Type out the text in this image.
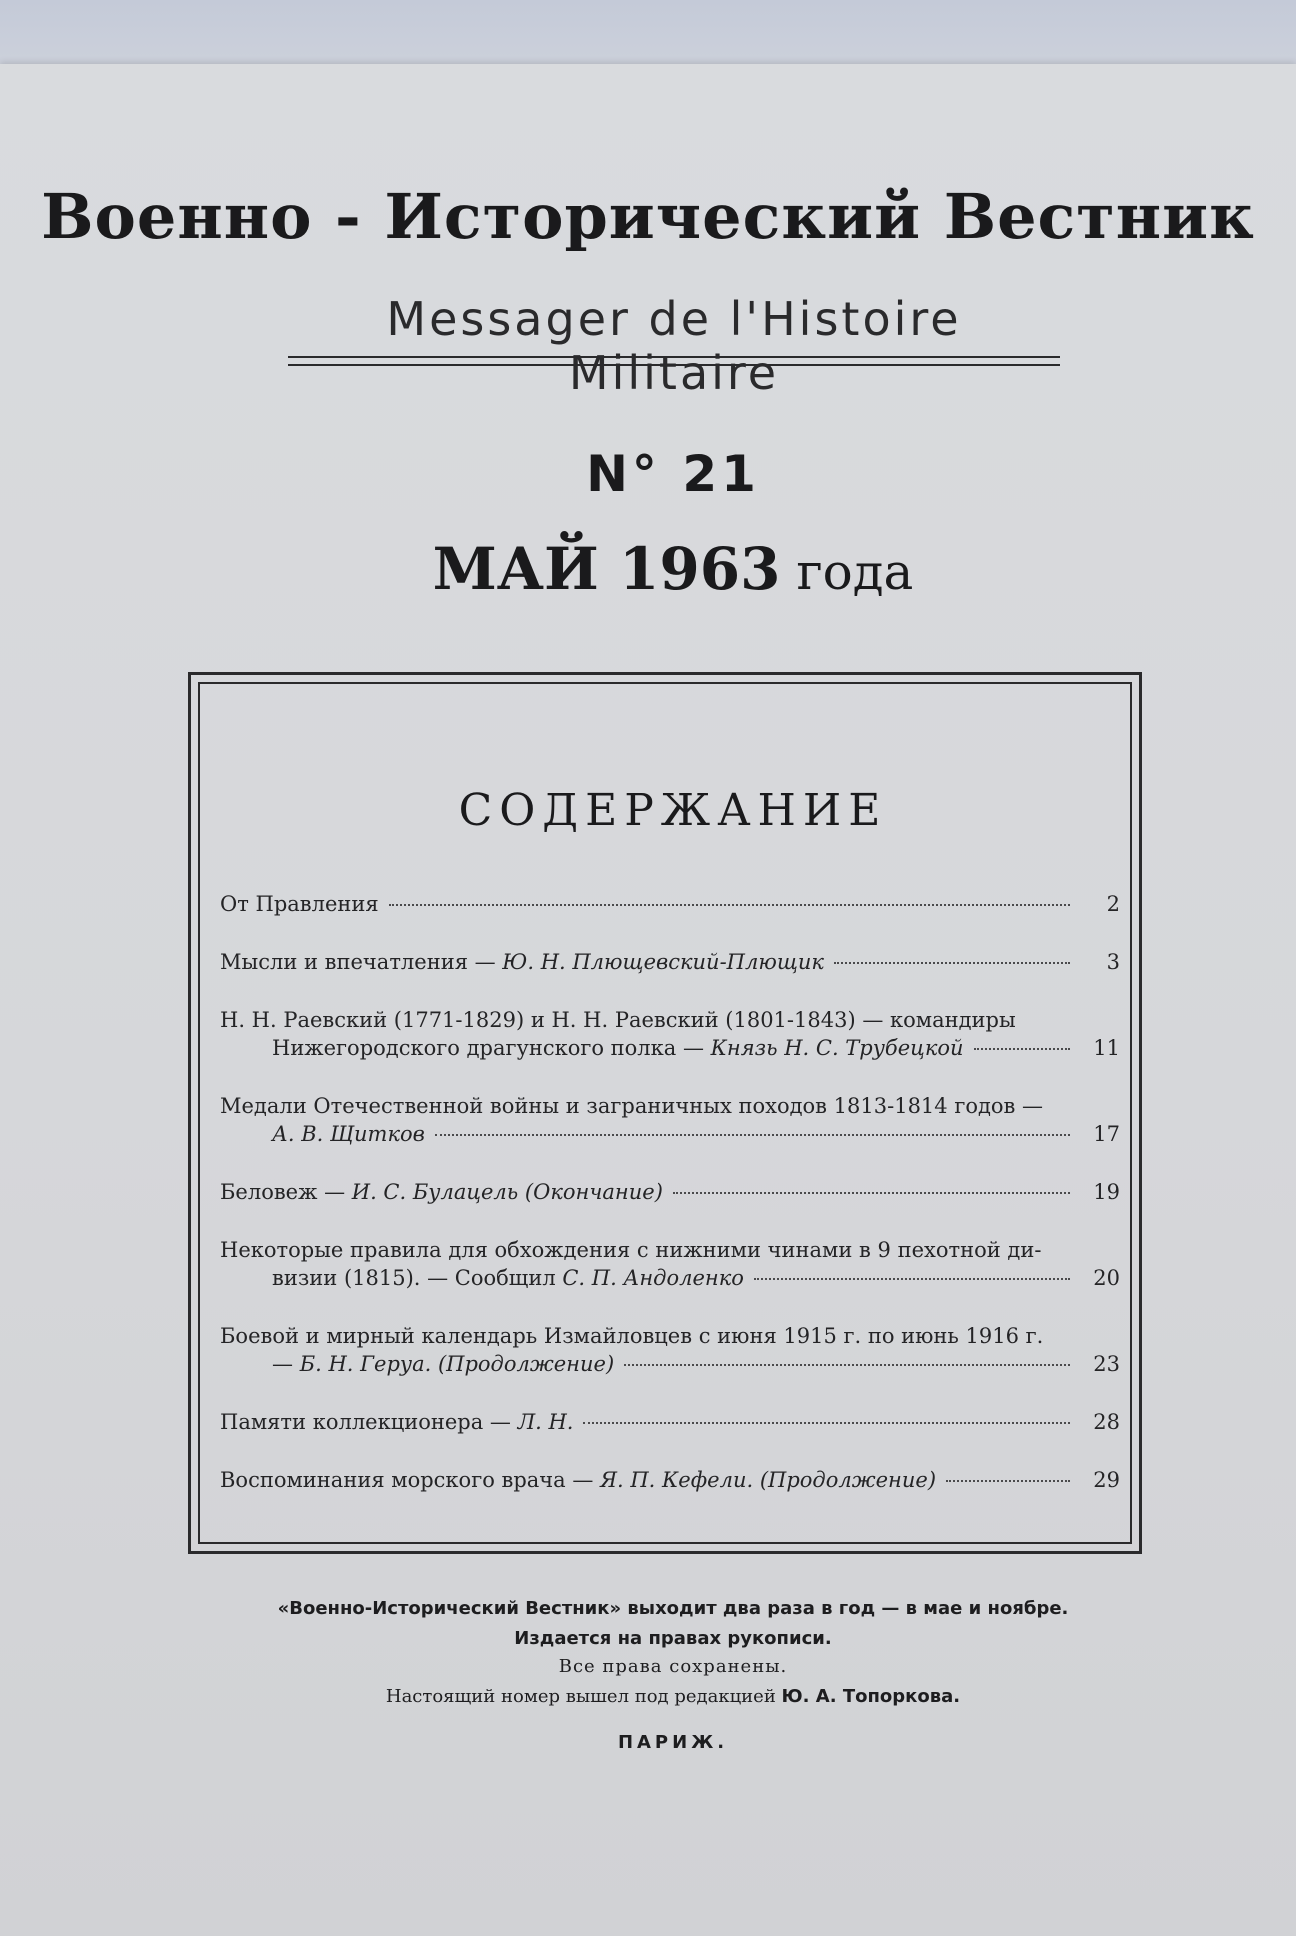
Военно - Исторический Вестник
Messager de l'Histoire Militaire
N° 21
МАЙ 1963 года
СОДЕРЖАНИЕ
От Правления	2
Мысли и впечатления — Ю. Н. Плющевский-Плющик	3
Н. Н. Раевский (1771-1829) и Н. Н. Раевский (1801-1843) — командиры
Нижегородского драгунского полка — Князь Н. С. Трубецкой	11
Медали Отечественной войны и заграничных походов 1813-1814 годов —
А. В. Щитков	17
Беловеж — И. С. Булацель (Окончание)	19
Некоторые правила для обхождения с нижними чинами в 9 пехотной ди-
визии (1815). — Сообщил С. П. Андоленко	20
Боевой и мирный календарь Измайловцев с июня 1915 г. по июнь 1916 г.
— Б. Н. Геруа. (Продолжение)	23
Памяти коллекционера — Л. Н.	28
Воспоминания морского врача — Я. П. Кефели. (Продолжение)	29
«Военно-Исторический Вестник» выходит два раза в год — в мае и ноябре.
Издается на правах рукописи.
Все права сохранены.
Настоящий номер вышел под редакцией Ю. А. Топоркова.
ПАРИЖ.
